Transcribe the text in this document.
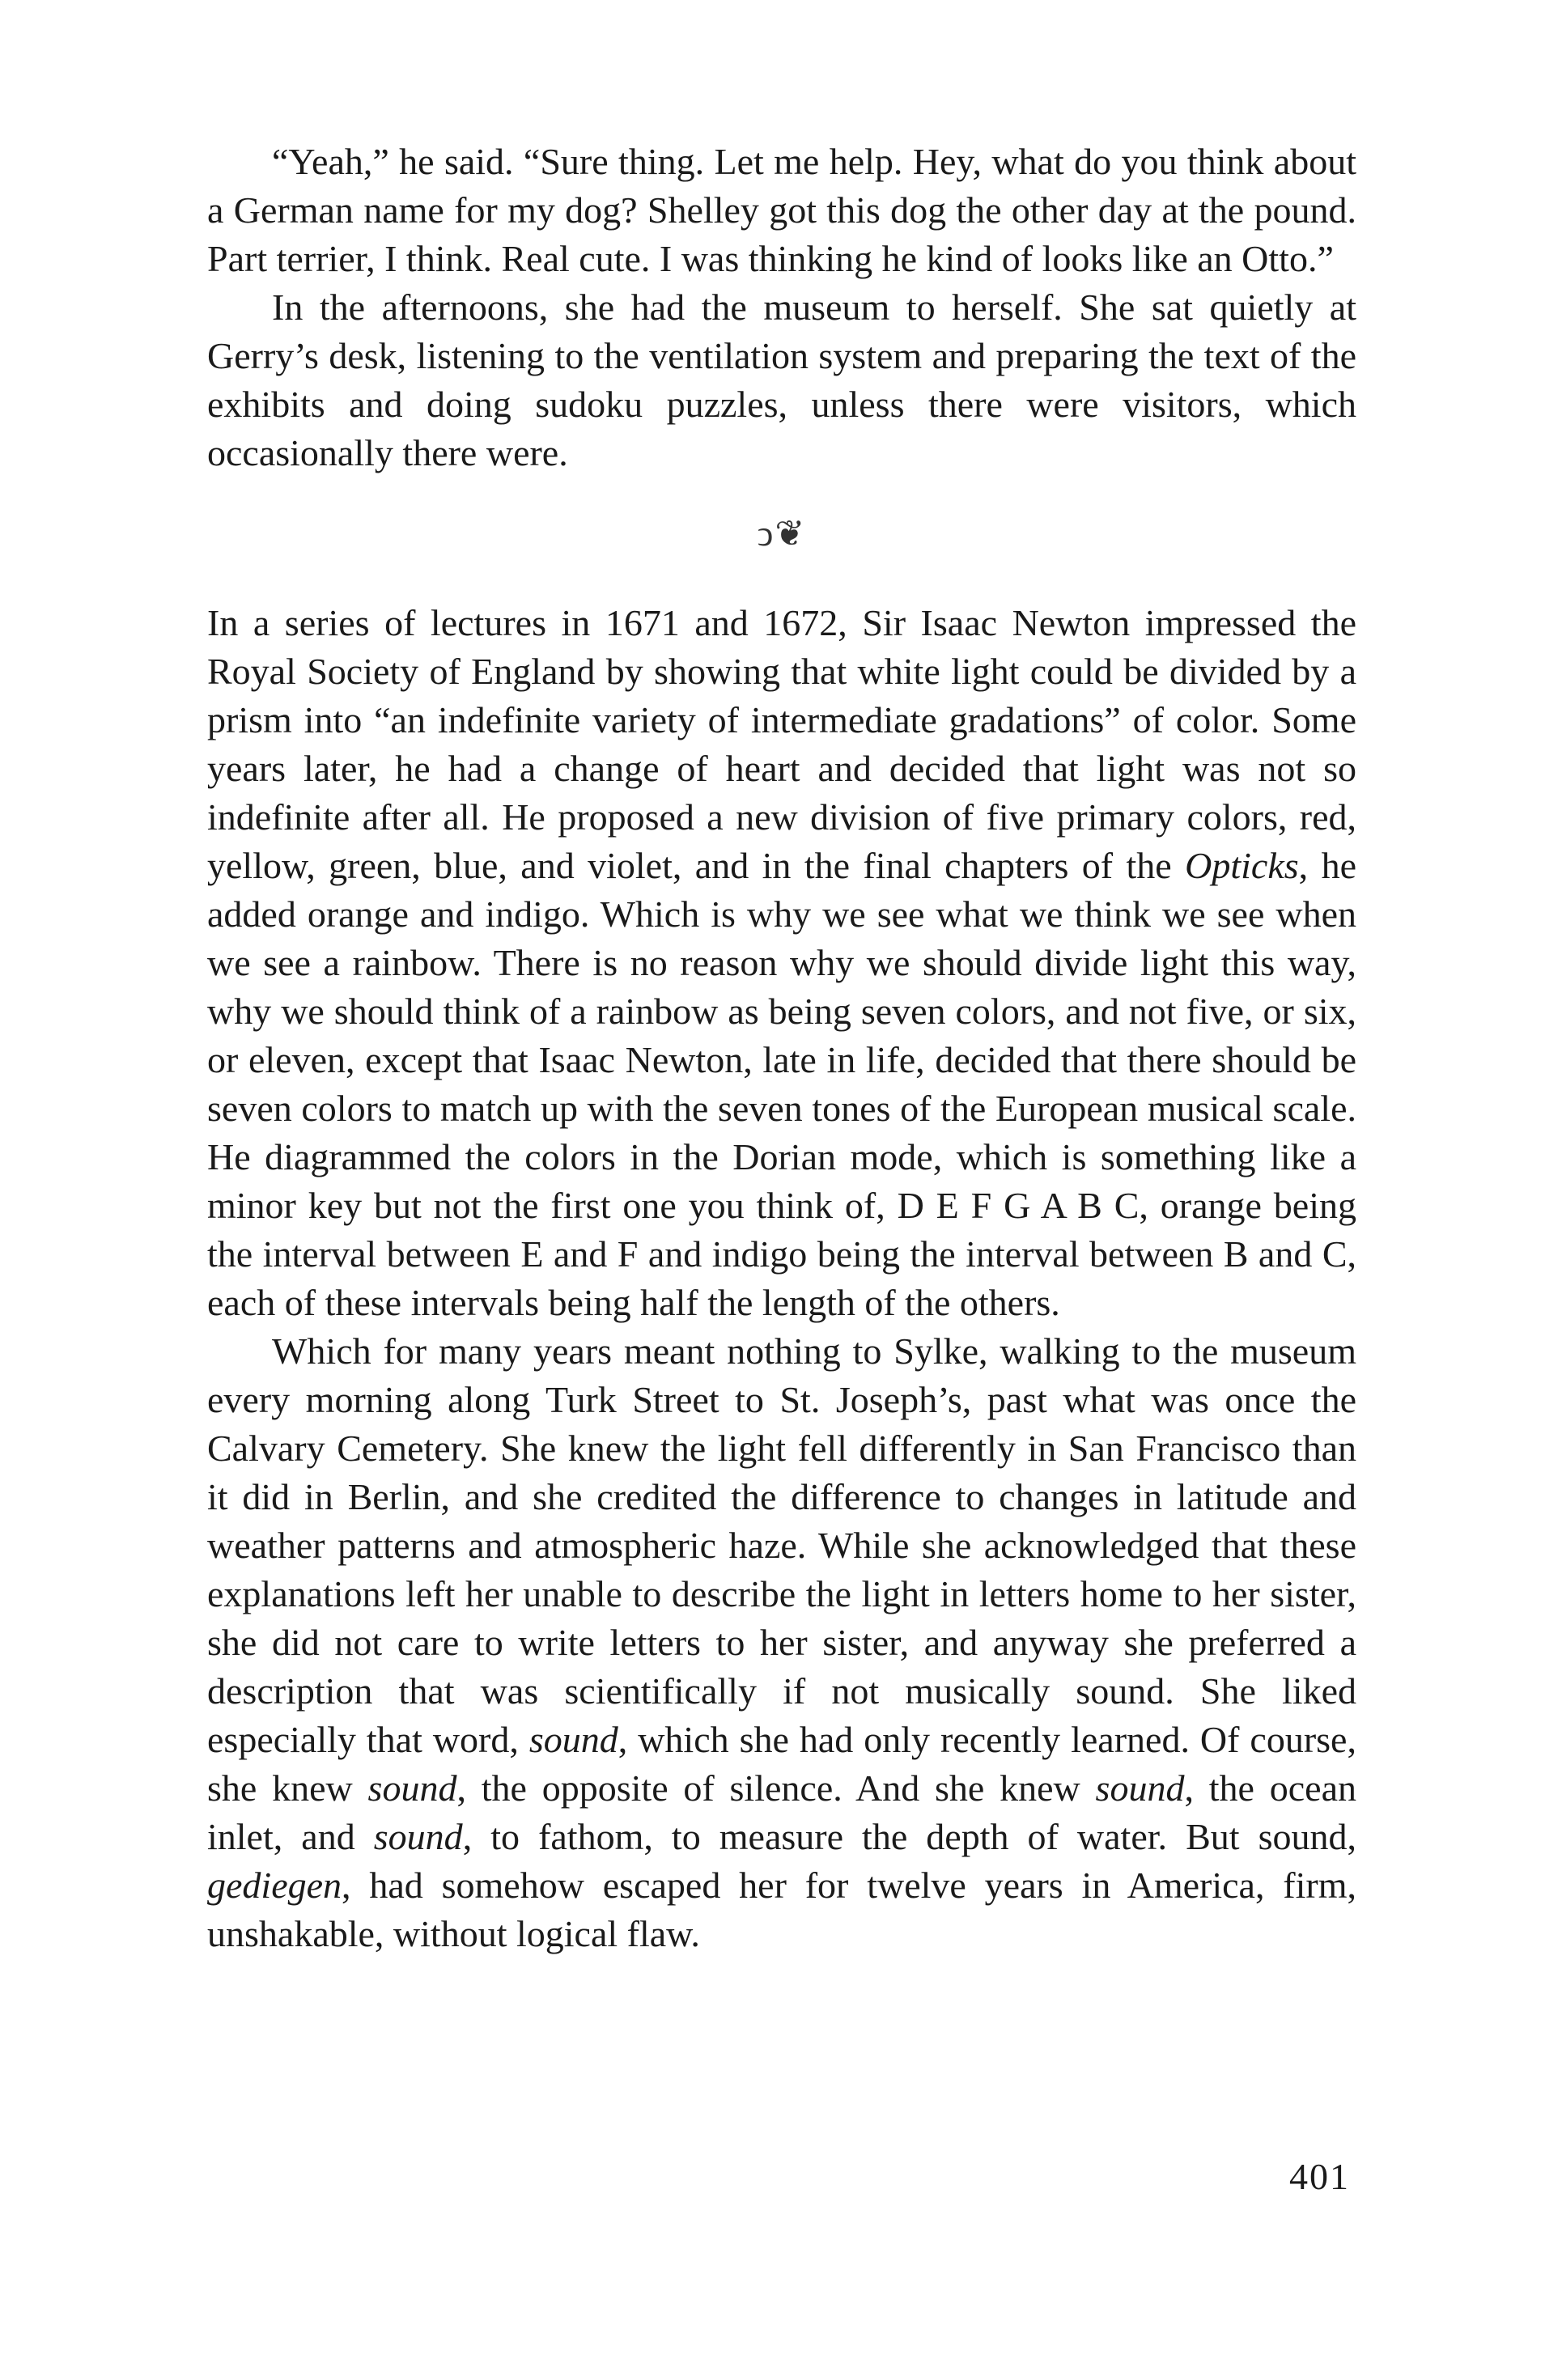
“Yeah,” he said. “Sure thing. Let me help. Hey, what do you think about a German name for my dog? Shelley got this dog the other day at the pound. Part terrier, I think. Real cute. I was thinking he kind of looks like an Otto.”

In the afternoons, she had the museum to herself. She sat quietly at Gerry’s desk, listening to the ventilation system and preparing the text of the exhibits and doing sudoku puzzles, unless there were visitors, which occasionally there were.

ↄ❦

In a series of lectures in 1671 and 1672, Sir Isaac Newton impressed the Royal Society of England by showing that white light could be divided by a prism into “an indefinite variety of intermediate gradations” of color. Some years later, he had a change of heart and decided that light was not so indefinite after all. He proposed a new division of five primary colors, red, yellow, green, blue, and violet, and in the final chapters of the Opticks, he added orange and indigo. Which is why we see what we think we see when we see a rainbow. There is no reason why we should divide light this way, why we should think of a rainbow as being seven colors, and not five, or six, or eleven, except that Isaac Newton, late in life, decided that there should be seven colors to match up with the seven tones of the European musical scale. He diagrammed the colors in the Dorian mode, which is something like a minor key but not the first one you think of, D E F G A B C, orange being the interval between E and F and indigo being the interval between B and C, each of these intervals being half the length of the others.

Which for many years meant nothing to Sylke, walking to the museum every morning along Turk Street to St. Joseph’s, past what was once the Calvary Cemetery. She knew the light fell differently in San Francisco than it did in Berlin, and she credited the difference to changes in latitude and weather patterns and atmospheric haze. While she acknowledged that these explanations left her unable to describe the light in letters home to her sister, she did not care to write letters to her sister, and anyway she preferred a description that was scientifically if not musically sound. She liked especially that word, sound, which she had only recently learned. Of course, she knew sound, the opposite of silence. And she knew sound, the ocean inlet, and sound, to fathom, to measure the depth of water. But sound, gediegen, had somehow escaped her for twelve years in America, firm, unshakable, without logical flaw.

401
